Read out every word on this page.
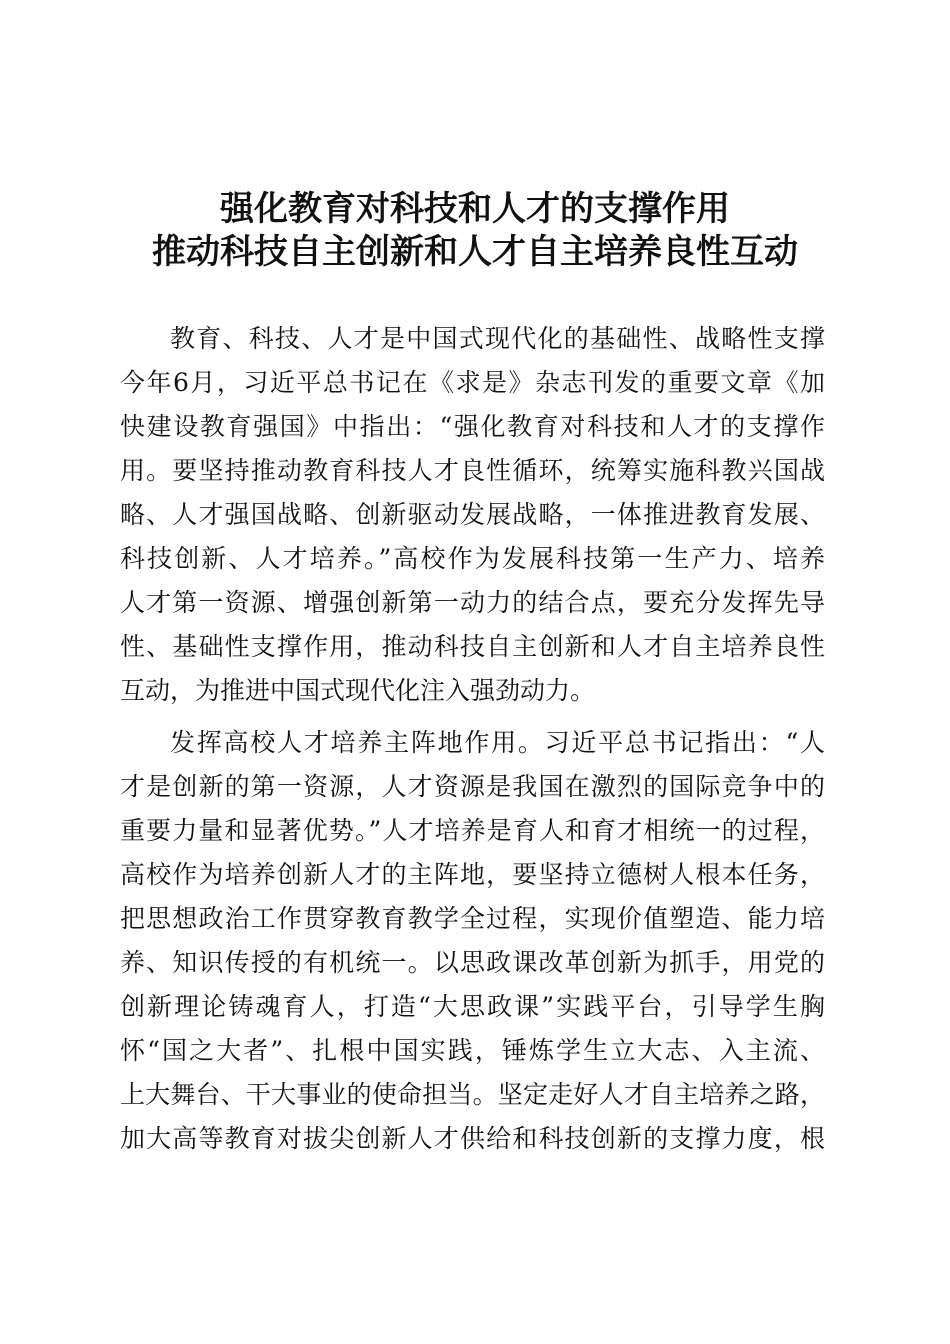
强化教育对科技和人才的支撑作用
推动科技自主创新和人才自主培养良性互动
教育、科技、人才是中国式现代化的基础性、战略性支撑
今年6月，习近平总书记在《求是》杂志刊发的重要文章《加
快建设教育强国》中指出：“强化教育对科技和人才的支撑作
用。要坚持推动教育科技人才良性循环，统筹实施科教兴国战
略、人才强国战略、创新驱动发展战略，一体推进教育发展、
科技创新、人才培养。”高校作为发展科技第一生产力、培养
人才第一资源、增强创新第一动力的结合点，要充分发挥先导
性、基础性支撑作用，推动科技自主创新和人才自主培养良性
互动，为推进中国式现代化注入强劲动力。
发挥高校人才培养主阵地作用。习近平总书记指出：“人
才是创新的第一资源，人才资源是我国在激烈的国际竞争中的
重要力量和显著优势。”人才培养是育人和育才相统一的过程，
高校作为培养创新人才的主阵地，要坚持立德树人根本任务，
把思想政治工作贯穿教育教学全过程，实现价值塑造、能力培
养、知识传授的有机统一。以思政课改革创新为抓手，用党的
创新理论铸魂育人，打造“大思政课”实践平台，引导学生胸
怀“国之大者”、扎根中国实践，锤炼学生立大志、入主流、
上大舞台、干大事业的使命担当。坚定走好人才自主培养之路，
加大高等教育对拔尖创新人才供给和科技创新的支撑力度，根
